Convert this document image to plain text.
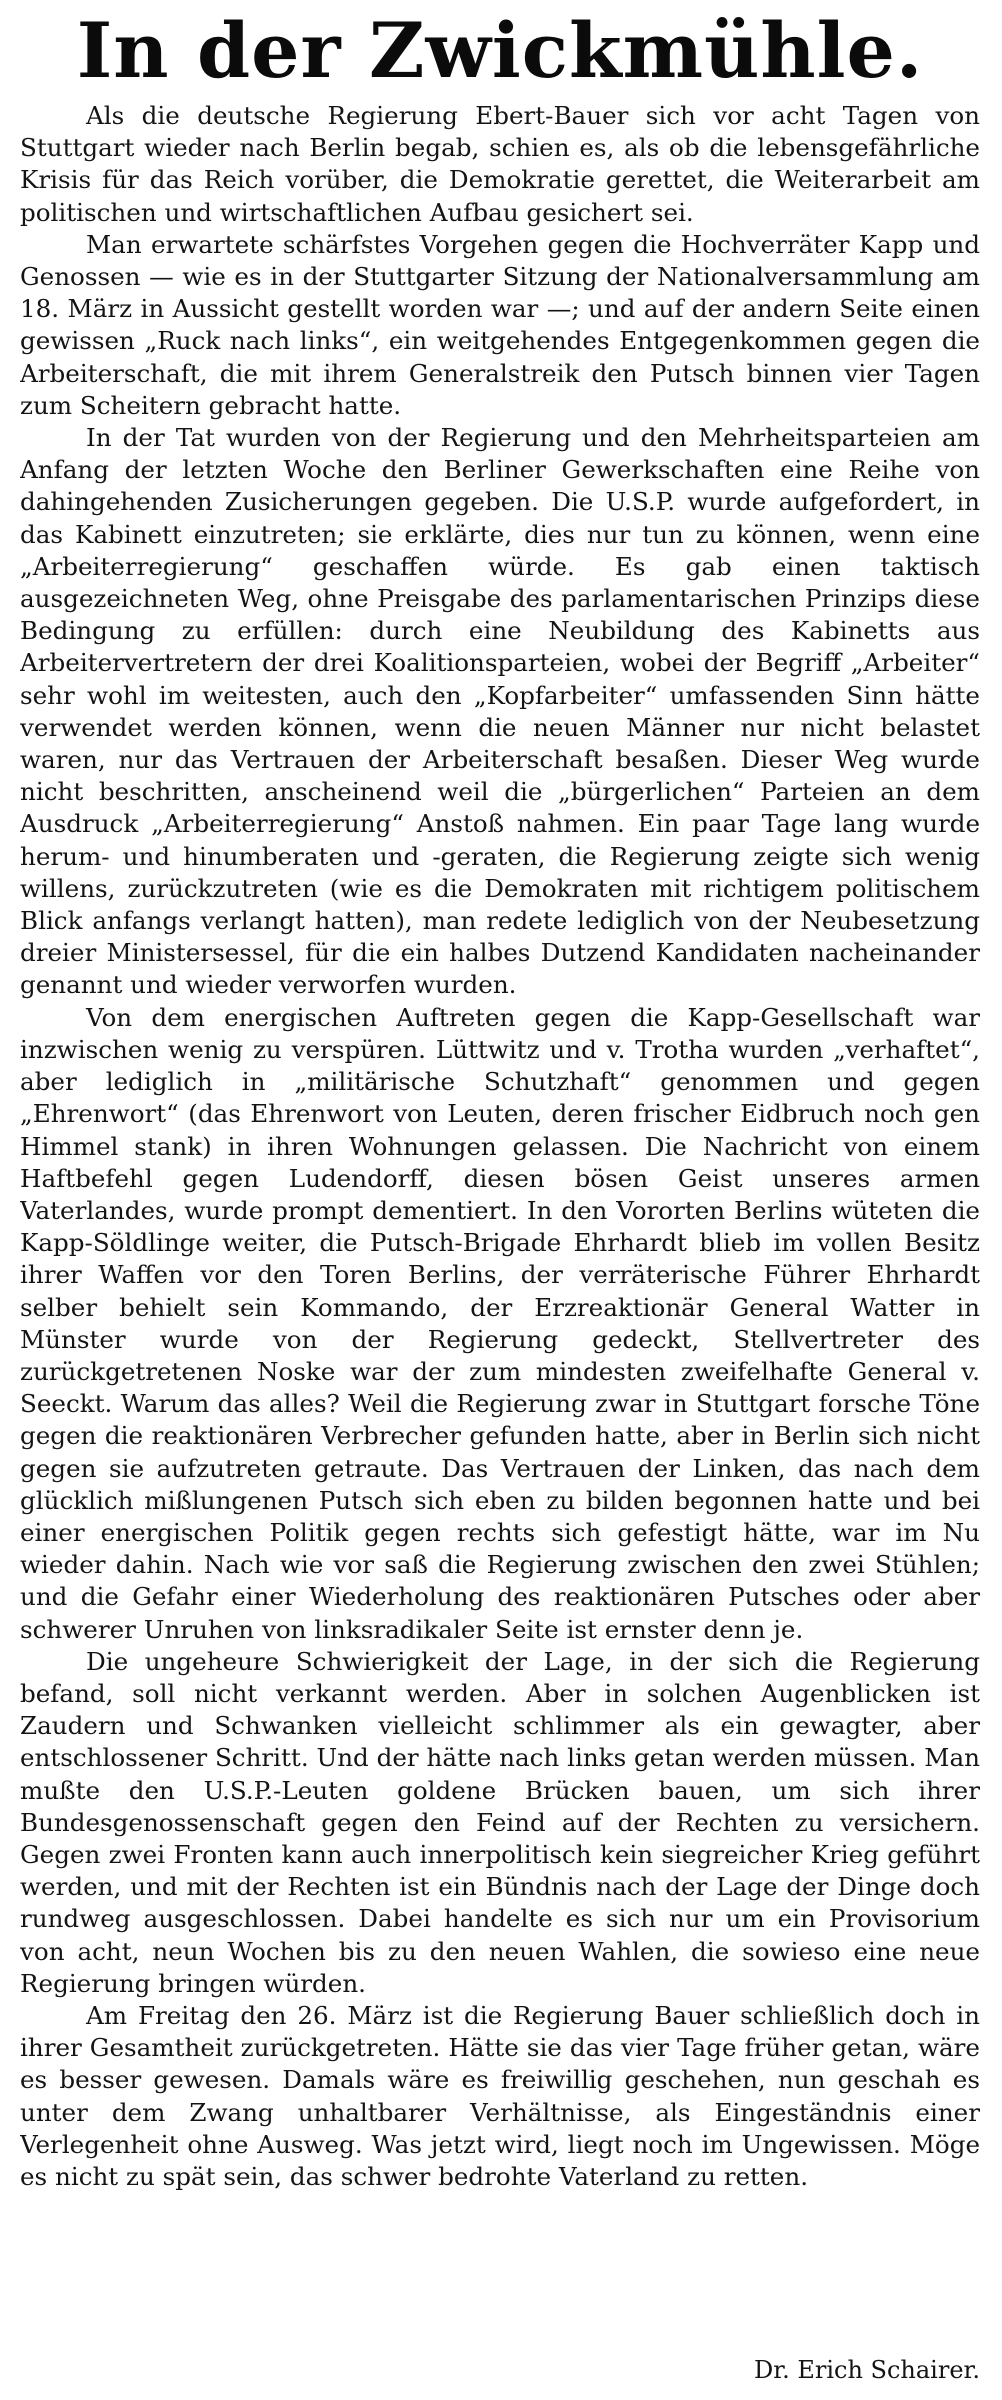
In der Zwickmühle.

Als die deutsche Regierung Ebert-Bauer sich vor acht Tagen von Stuttgart wieder nach Berlin begab, schien es, als ob die lebensgefährliche Krisis für das Reich vorüber, die Demokratie gerettet, die Weiterarbeit am politischen und wirtschaftlichen Aufbau gesichert sei.

Man erwartete schärfstes Vorgehen gegen die Hochverräter Kapp und Genossen — wie es in der Stuttgarter Sitzung der Nationalversammlung am 18. März in Aussicht gestellt worden war —; und auf der andern Seite einen gewissen „Ruck nach links“, ein weitgehendes Entgegenkommen gegen die Arbeiterschaft, die mit ihrem Generalstreik den Putsch binnen vier Tagen zum Scheitern gebracht hatte.

In der Tat wurden von der Regierung und den Mehrheitsparteien am Anfang der letzten Woche den Berliner Gewerkschaften eine Reihe von dahingehenden Zusicherungen gegeben. Die U.S.P. wurde aufgefordert, in das Kabinett einzutreten; sie erklärte, dies nur tun zu können, wenn eine „Arbeiterregierung“ geschaffen würde. Es gab einen taktisch ausgezeichneten Weg, ohne Preisgabe des parlamentarischen Prinzips diese Bedingung zu erfüllen: durch eine Neubildung des Kabinetts aus Arbeitervertretern der drei Koalitionsparteien, wobei der Begriff „Arbeiter“ sehr wohl im weitesten, auch den „Kopfarbeiter“ umfassenden Sinn hätte verwendet werden können, wenn die neuen Männer nur nicht belastet waren, nur das Vertrauen der Arbeiterschaft besaßen. Dieser Weg wurde nicht beschritten, anscheinend weil die „bürgerlichen“ Parteien an dem Ausdruck „Arbeiterregierung“ Anstoß nahmen. Ein paar Tage lang wurde herum- und hinumberaten und -geraten, die Regierung zeigte sich wenig willens, zurückzutreten (wie es die Demokraten mit richtigem politischem Blick anfangs verlangt hatten), man redete lediglich von der Neubesetzung dreier Ministersessel, für die ein halbes Dutzend Kandidaten nacheinander genannt und wieder verworfen wurden.

Von dem energischen Auftreten gegen die Kapp-Gesellschaft war inzwischen wenig zu verspüren. Lüttwitz und v. Trotha wurden „verhaftet“, aber lediglich in „militärische Schutzhaft“ genommen und gegen „Ehrenwort“ (das Ehrenwort von Leuten, deren frischer Eidbruch noch gen Himmel stank) in ihren Wohnungen gelassen. Die Nachricht von einem Haftbefehl gegen Ludendorff, diesen bösen Geist unseres armen Vaterlandes, wurde prompt dementiert. In den Vororten Berlins wüteten die Kapp-Söldlinge weiter, die Putsch-Brigade Ehrhardt blieb im vollen Besitz ihrer Waffen vor den Toren Berlins, der verräterische Führer Ehrhardt selber behielt sein Kommando, der Erzreaktionär General Watter in Münster wurde von der Regierung gedeckt, Stellvertreter des zurückgetretenen Noske war der zum mindesten zweifelhafte General v. Seeckt. Warum das alles? Weil die Regierung zwar in Stuttgart forsche Töne gegen die reaktionären Verbrecher gefunden hatte, aber in Berlin sich nicht gegen sie aufzutreten getraute. Das Vertrauen der Linken, das nach dem glücklich mißlungenen Putsch sich eben zu bilden begonnen hatte und bei einer energischen Politik gegen rechts sich gefestigt hätte, war im Nu wieder dahin. Nach wie vor saß die Regierung zwischen den zwei Stühlen; und die Gefahr einer Wiederholung des reaktionären Putsches oder aber schwerer Unruhen von linksradikaler Seite ist ernster denn je.

Die ungeheure Schwierigkeit der Lage, in der sich die Regierung befand, soll nicht verkannt werden. Aber in solchen Augenblicken ist Zaudern und Schwanken vielleicht schlimmer als ein gewagter, aber entschlossener Schritt. Und der hätte nach links getan werden müssen. Man mußte den U.S.P.-Leuten goldene Brücken bauen, um sich ihrer Bundesgenossenschaft gegen den Feind auf der Rechten zu versichern. Gegen zwei Fronten kann auch innerpolitisch kein siegreicher Krieg geführt werden, und mit der Rechten ist ein Bündnis nach der Lage der Dinge doch rundweg ausgeschlossen. Dabei handelte es sich nur um ein Provisorium von acht, neun Wochen bis zu den neuen Wahlen, die sowieso eine neue Regierung bringen würden.

Am Freitag den 26. März ist die Regierung Bauer schließlich doch in ihrer Gesamtheit zurückgetreten. Hätte sie das vier Tage früher getan, wäre es besser gewesen. Damals wäre es freiwillig geschehen, nun geschah es unter dem Zwang unhaltbarer Verhältnisse, als Eingeständnis einer Verlegenheit ohne Ausweg. Was jetzt wird, liegt noch im Ungewissen. Möge es nicht zu spät sein, das schwer bedrohte Vaterland zu retten.

Dr. Erich Schairer.
